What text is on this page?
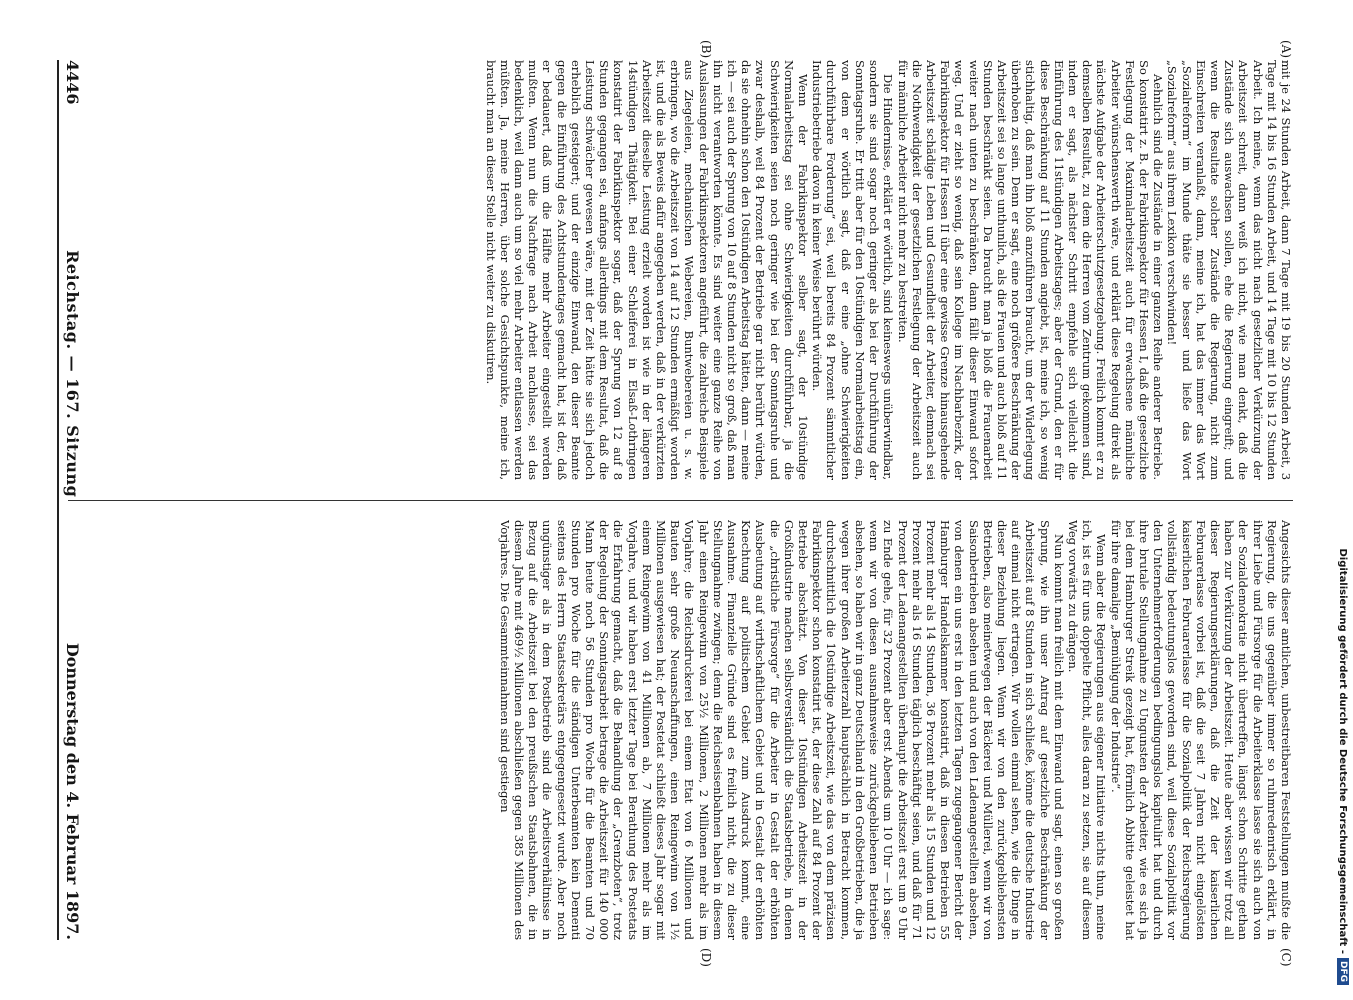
Digitalisierung gefördert durch die Deutsche Forschungsgemeinschaft -
DFG
4446
Reichstag. — 167. Sitzung
Donnerstag den 4. Februar 1897.

mit je 24 Stunden Arbeit, dann 7 Tage mit 19 bis 20 Stunden Arbeit, 3 Tage mit 14 bis 16 Stunden Arbeit, und 14 Tage mit 10 bis 12 Stunden Arbeit. Ich meine, wenn das nicht nach gesetzlicher Verkürzung der Arbeitszeit schreit, dann weiß ich nicht, wie man denkt, daß die Zustände sich auswachsen sollen, ehe die Regierung eingreift; und wenn die Resultate solcher Zustände die Regierung, nicht zum Einschreiten veranlaßt, dann, meine ich, hat das immer das Wort „Sozialreform“ im Munde thäte sie besser und ließe das Wort „Sozialreform“ aus ihrem Lexikon verschwinden!

Aehnlich sind die Zustände in einer ganzen Reihe anderer Betriebe. So konstatirt z. B. der Fabrikinspektor für Hessen I, daß die gesetzliche Festlegung der Maximalarbeitszeit auch für erwachsene männliche Arbeiter wünschenswerth wäre, und erklärt diese Regelung direkt als nächste Aufgabe der Arbeiterschutzgesetzgebung. Freilich kommt er zu demselben Resultat, zu dem die Herren vom Zentrum gekommen sind, indem er sagt, als nächster Schritt empfehle sich vielleicht die Einführung des 11stündigen Arbeitstages; aber der Grund, den er für diese Beschränkung auf 11 Stunden angiebt, ist, meine ich, so wenig stichhaltig, daß man ihn bloß anzuführen braucht, um der Widerlegung überhoben zu sein. Denn er sagt, eine noch größere Beschränkung der Arbeitszeit sei so lange unthunlich, als die Frauen und auch bloß auf 11 Stunden beschränkt seien. Da braucht man ja bloß die Frauenarbeit weiter nach unten zu beschränken, dann fällt dieser Einwand sofort weg. Und er zieht so wenig, daß sein Kollege im Nachbarbezirk, der Fabrikinspektor für Hessen II über eine gewisse Grenze hinausgehende Arbeitszeit schädige Leben und Gesundheit der Arbeiter, demnach sei die Nothwendigkeit der gesetzlichen Festlegung der Arbeitszeit auch für männliche Arbeiter nicht mehr zu bestreiten.

Die Hindernisse, erklärt er wörtlich, sind keineswegs unüberwindbar, sondern sie sind sogar noch geringer als bei der Durchführung der Sonntagsruhe. Er tritt aber für den 10stündigen Normalarbeitstag ein, von dem er wörtlich sagt, daß er eine „ohne Schwierigkeiten durchführbare Forderung“ sei, weil bereits 84 Prozent sämmtlicher Industriebetriebe davon in keiner Weise berührt würden.

Wenn der Fabrikinspektor selber sagt, der 10stündige Normalarbeitstag sei ohne Schwierigkeiten durchführbar, ja die Schwierigkeiten seien noch geringer wie bei der Sonntagsruhe und zwar deshalb, weil 84 Prozent der Betriebe gar nicht berührt würden, da sie ohnehin schon den 10stündigen Arbeitstag hätten, dann — meine ich — sei auch der Sprung von 10 auf 8 Stunden nicht so groß, daß man ihn nicht verantworten könnte. Es sind weiter eine ganze Reihe von Auslassungen der Fabrikinspektoren angeführt, die zahlreiche Beispiele aus Ziegeleien, mechanischen Webereien, Buntwebereien u. s. w. erbringen, wo die Arbeitszeit von 14 auf 12 Stunden ermäßigt worden ist, und die als Beweis dafür angegeben werden, daß in der verkürzten Arbeitszeit dieselbe Leistung erzielt worden ist wie in der längeren 14stündigen Thätigkeit. Bei einer Schleiferei in Elsaß-Lothringen konstatirt der Fabrikinspektor sogar, daß der Sprung von 12 auf 8 Stunden gegangen sei, anfangs allerdings mit dem Resultat, daß die Leistung schwächer gewesen wäre, mit der Zeit hätte sie sich jedoch erheblich gesteigert; und der einzige Einwand, den dieser Beamte gegen die Einführung des Achtstundentages gemacht hat, ist der, daß er bedauert, daß um die Hälfte mehr Arbeiter eingestellt werden mußten. Wenn nun die Nachfrage nach Arbeit nachlasse, sei das bedenklich, weil dann auch um so viel mehr Arbeiter entlassen werden müßten. Ja, meine Herren, über solche Gesichtspunkte, meine ich, braucht man an dieser Stelle nicht weiter zu diskutiren.

Angesichts dieser amtlichen, unbestreitbaren Feststellungen mußte die Regierung, die uns gegenüber immer so ruhmredenrisch erklärt, in ihrer Liebe und Fürsorge für die Arbeiterklasse lasse sie sich auch von der Sozialdemokratie nicht übertreffen, längst schon Schritte gethan haben zur Verkürzung der Arbeitszeit. Heute aber wissen wir trotz all dieser Regierungserklärungen, daß die Zeit der kaiserlichen Februarerlasse vorbei ist, daß die seit 7 Jahren nicht eingelösten kaiserlichen Februarerlasse für die Sozialpolitik der Reichsregierung vollständig bedeutungslos geworden sind, weil diese Sozialpolitik vor den Unternehmerforderungen bedingungslos kapitulirt hat und durch ihre brutale Stellungnahme zu Ungunsten der Arbeiter, wie es sich ja bei dem Hamburger Streik gezeigt hat, förmlich Abbitte geleistet hat für ihre damalige „Bemühigung der Industrie“.

Wenn aber die Regierungen aus eigener Initiative nichts thun, meine ich, ist es für uns doppelte Pflicht, alles daran zu setzen, sie auf diesem Weg vorwärts zu drängen.

Nun kommt man freilich mit dem Einwand und sagt, einen so großen Sprung, wie ihn unser Antrag auf gesetzliche Beschränkung der Arbeitszeit auf 8 Stunden in sich schließe, könne die deutsche Industrie auf einmal nicht ertragen. Wir wollen einmal sehen, wie die Dinge in dieser Beziehung liegen. Wenn wir von den zurückgebliebensten Betrieben, also meinetwegen der Bäckerei und Müllerei, wenn wir von Saisonbetrieben absehen und auch von den Ladenangestellten absehen, von denen ein uns erst in den letzten Tagen zugegangener Bericht der Hamburger Handelskammer konstatirt, daß in diesen Betrieben 55 Prozent mehr als 14 Stunden, 36 Prozent mehr als 15 Stunden und 12 Prozent mehr als 16 Stunden täglich beschäftigt seien, und daß für 71 Prozent der Ladenangestellten überhaupt die Arbeitszeit erst um 9 Uhr zu Ende gehe, für 32 Prozent aber erst Abends um 10 Uhr — ich sage: wenn wir von diesen ausnahmsweise zurückgebliebenen Betrieben absehen, so haben wir in ganz Deutschland in den Großbetrieben, die ja wegen ihrer großen Arbeiterzahl hauptsächlich in Betracht kommen, durchschnittlich die 10stündige Arbeitszeit, wie das von dem präzisen Fabrikinspektor schon konstatirt ist, der diese Zahl auf 84 Prozent der Betriebe abschätzt. Von dieser 10stündigen Arbeitszeit in der Großindustrie machen selbstverständlich die Staatsbetriebe, in denen die „christliche Fürsorge“ für die Arbeiter in Gestalt der erhöhten Ausbeutung auf wirthschaftlichem Gebiet und in Gestalt der erhöhten Knechtung auf politischem Gebiet zum Ausdruck kommt, eine Ausnahme. Finanzielle Gründe sind es freilich nicht, die zu dieser Stellungnahme zwingen; denn die Reichseisenbahnen haben in diesem Jahr einen Reingewinn von 25½ Millionen, 2 Millionen mehr als im Vorjahre; die Reichsdruckerei bei einem Etat von 6 Millionen und Bauten sehr große Neuanschaffungen, einen Reingewinn von 1½ Millionen ausgewiesen hat; der Postetat schließt dieses Jahr sogar mit einem Reingewinn von 41 Millionen ab, 7 Millionen mehr als im Vorjahre, und wir haben erst letzter Tage bei Berathung des Postetats die Erfahrung gemacht, daß die Behandlung der „Grenzboten“, trotz der Regelung der Sonntagsarbeit betrage die Arbeitszeit für 140 000 Mann heute noch 56 Stunden pro Woche für die Beamten und 70 Stunden pro Woche für die ständigen Unterbeamten kein Dementi seitens des Herrn Staatssekretärs entgegengesetzt wurde. Aber noch ungünstiger als in dem Postbetrieb sind die Arbeitsverhältnisse in Bezug auf die Arbeitszeit bei den preußischen Staatsbahnen, die in diesem Jahre mit 469½ Millionen abschließen gegen 385 Millionen des Vorjahres. Die Gesammteinnahmen sind gestiegen

(A)
(B)
(C)
(D)
